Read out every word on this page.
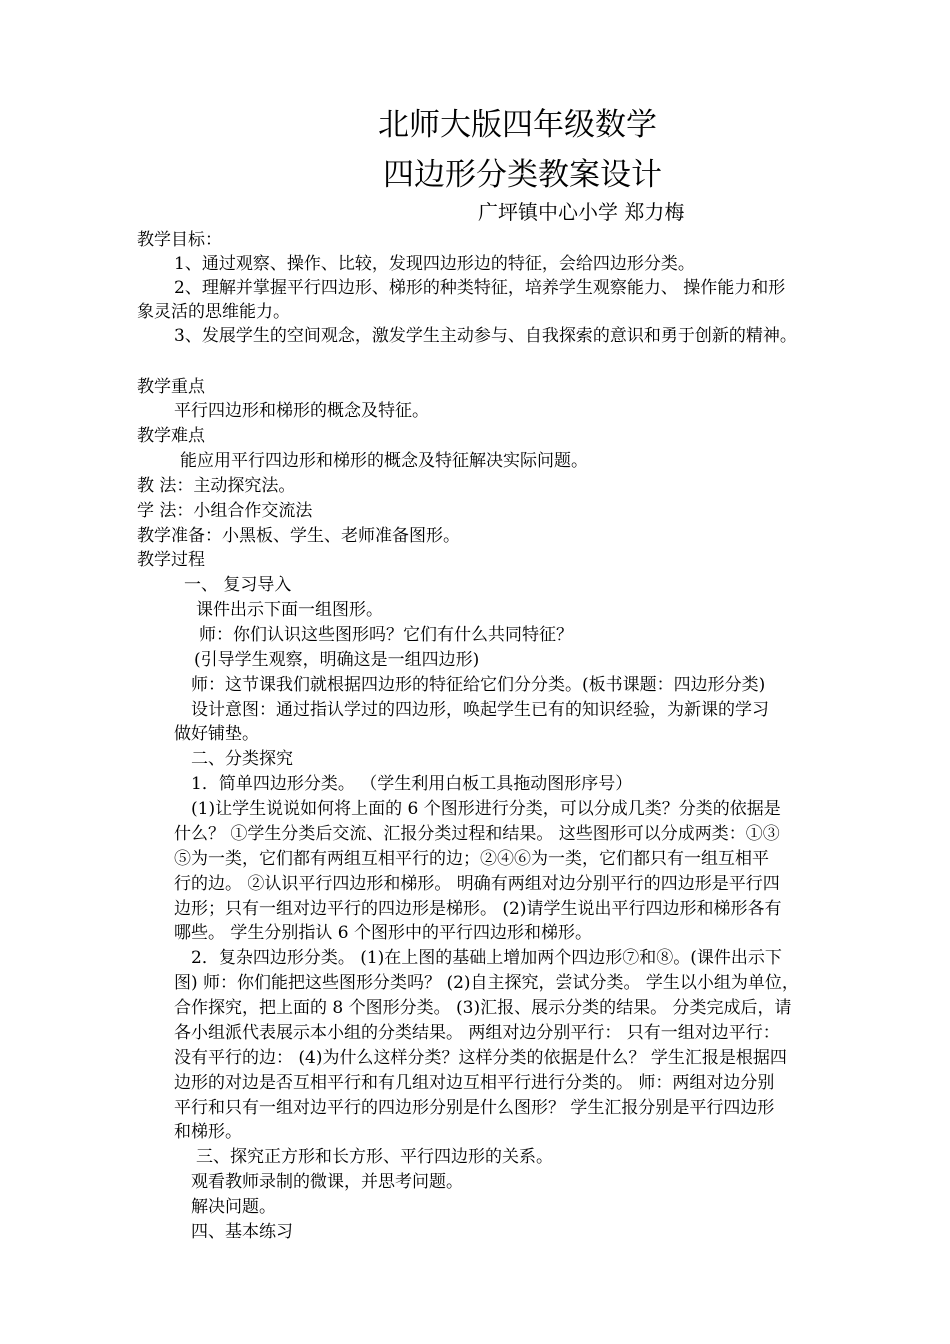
北师大版四年级数学
四边形分类教案设计
广坪镇中心小学 郑力梅
教学目标：
1、通过观察、操作、比较，发现四边形边的特征，会给四边形分类。
2、理解并掌握平行四边形、梯形的种类特征，培养学生观察能力、 操作能力和形
象灵活的思维能力。
3、发展学生的空间观念，激发学生主动参与、自我探索的意识和勇于创新的精神。
教学重点
平行四边形和梯形的概念及特征。
教学难点
能应用平行四边形和梯形的概念及特征解决实际问题。
教 法：主动探究法。
学 法：小组合作交流法
教学准备：小黑板、学生、老师准备图形。
教学过程
一、 复习导入
课件出示下面一组图形。
师：你们认识这些图形吗？它们有什么共同特征？
(引导学生观察，明确这是一组四边形)
师：这节课我们就根据四边形的特征给它们分分类。(板书课题：四边形分类)
设计意图：通过指认学过的四边形，唤起学生已有的知识经验，为新课的学习
做好铺垫。
二、分类探究
1．简单四边形分类。 （学生利用白板工具拖动图形序号）
(1)让学生说说如何将上面的 6 个图形进行分类，可以分成几类？分类的依据是
什么？ ①学生分类后交流、汇报分类过程和结果。 这些图形可以分成两类：①③
⑤为一类，它们都有两组互相平行的边；②④⑥为一类，它们都只有一组互相平
行的边。 ②认识平行四边形和梯形。 明确有两组对边分别平行的四边形是平行四
边形；只有一组对边平行的四边形是梯形。 (2)请学生说出平行四边形和梯形各有
哪些。 学生分别指认 6 个图形中的平行四边形和梯形。
2．复杂四边形分类。 (1)在上图的基础上增加两个四边形⑦和⑧。(课件出示下
图) 师：你们能把这些图形分类吗？ (2)自主探究，尝试分类。 学生以小组为单位，
合作探究，把上面的 8 个图形分类。 (3)汇报、展示分类的结果。 分类完成后，请
各小组派代表展示本小组的分类结果。 两组对边分别平行： 只有一组对边平行：
没有平行的边： (4)为什么这样分类？这样分类的依据是什么？ 学生汇报是根据四
边形的对边是否互相平行和有几组对边互相平行进行分类的。 师：两组对边分别
平行和只有一组对边平行的四边形分别是什么图形？ 学生汇报分别是平行四边形
和梯形。
三、探究正方形和长方形、平行四边形的关系。
观看教师录制的微课，并思考问题。
解决问题。
四、基本练习
